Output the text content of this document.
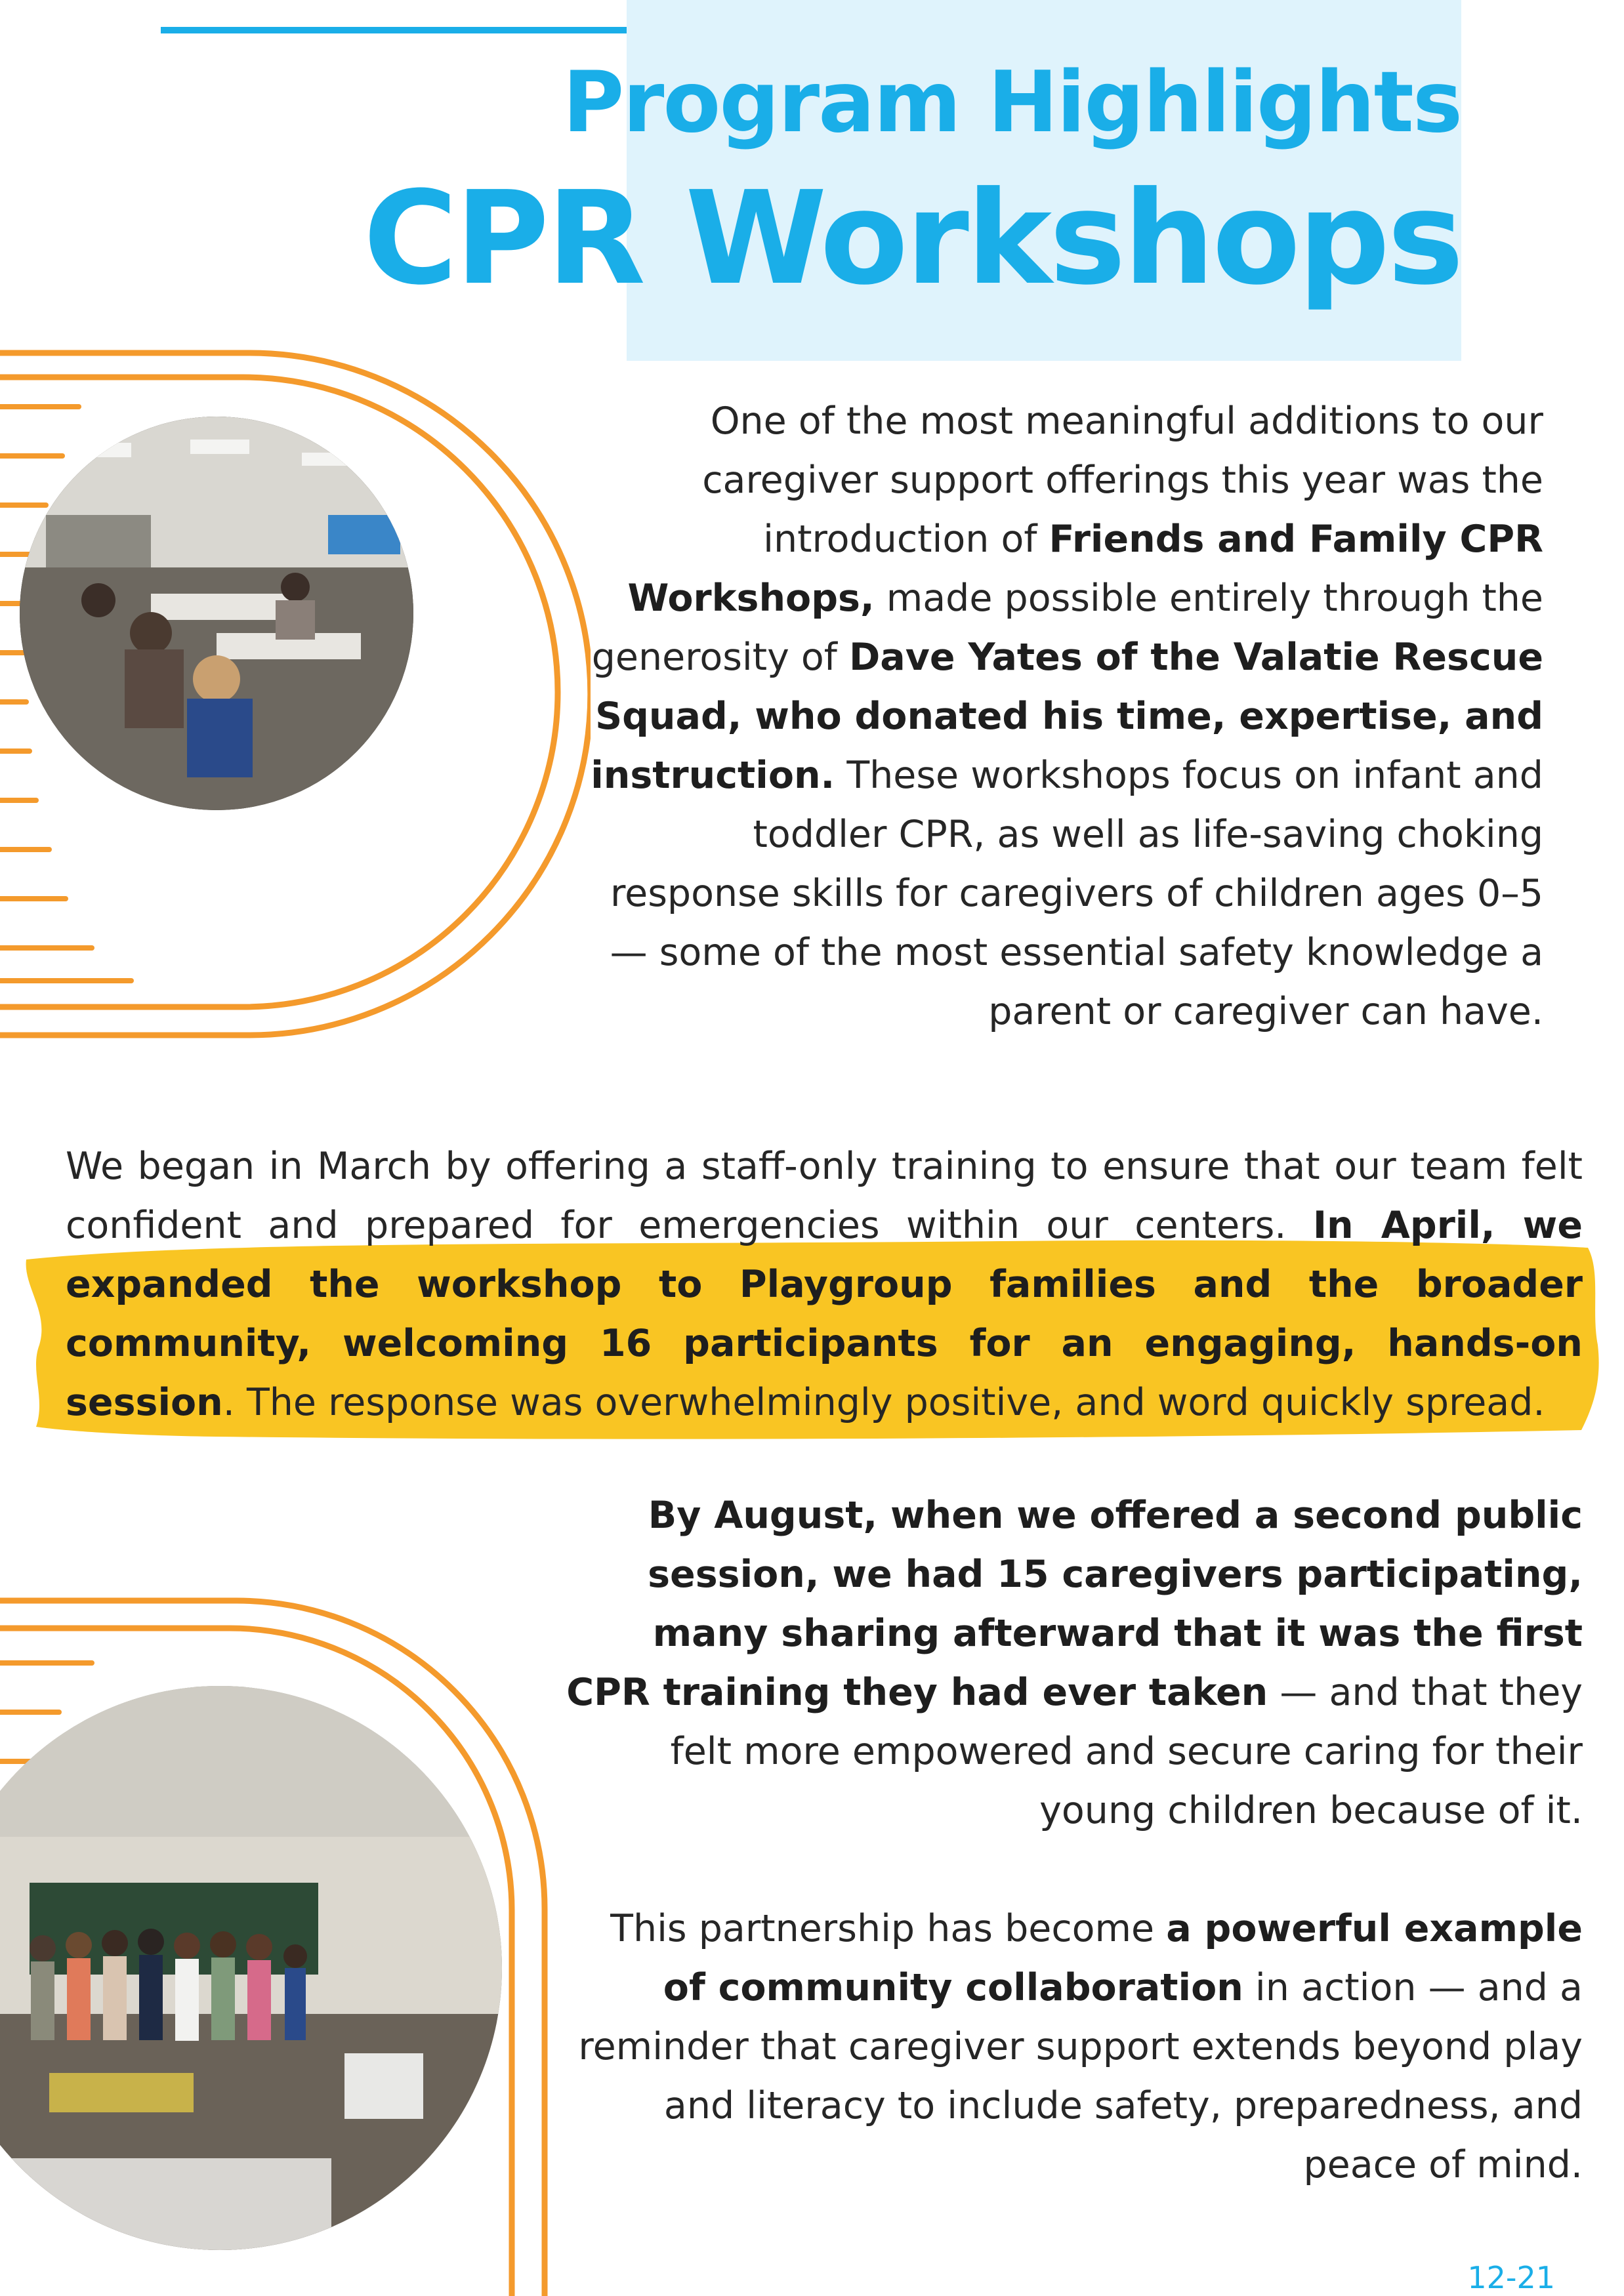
Program Highlights
CPR Workshops

One of the most meaningful additions to our caregiver support offerings this year was the introduction of Friends and Family CPR Workshops, made possible entirely through the generosity of Dave Yates of the Valatie Rescue Squad, who donated his time, expertise, and instruction. These workshops focus on infant and toddler CPR, as well as life-saving choking response skills for caregivers of children ages 0–5 — some of the most essential safety knowledge a parent or caregiver can have.

We began in March by offering a staff-only training to ensure that our team felt confident and prepared for emergencies within our centers. In April, we expanded the workshop to Playgroup families and the broader community, welcoming 16 participants for an engaging, hands-on session. The response was overwhelmingly positive, and word quickly spread.

By August, when we offered a second public session, we had 15 caregivers participating, many sharing afterward that it was the first CPR training they had ever taken — and that they felt more empowered and secure caring for their young children because of it.

This partnership has become a powerful example of community collaboration in action — and a reminder that caregiver support extends beyond play and literacy to include safety, preparedness, and peace of mind.

12-21
